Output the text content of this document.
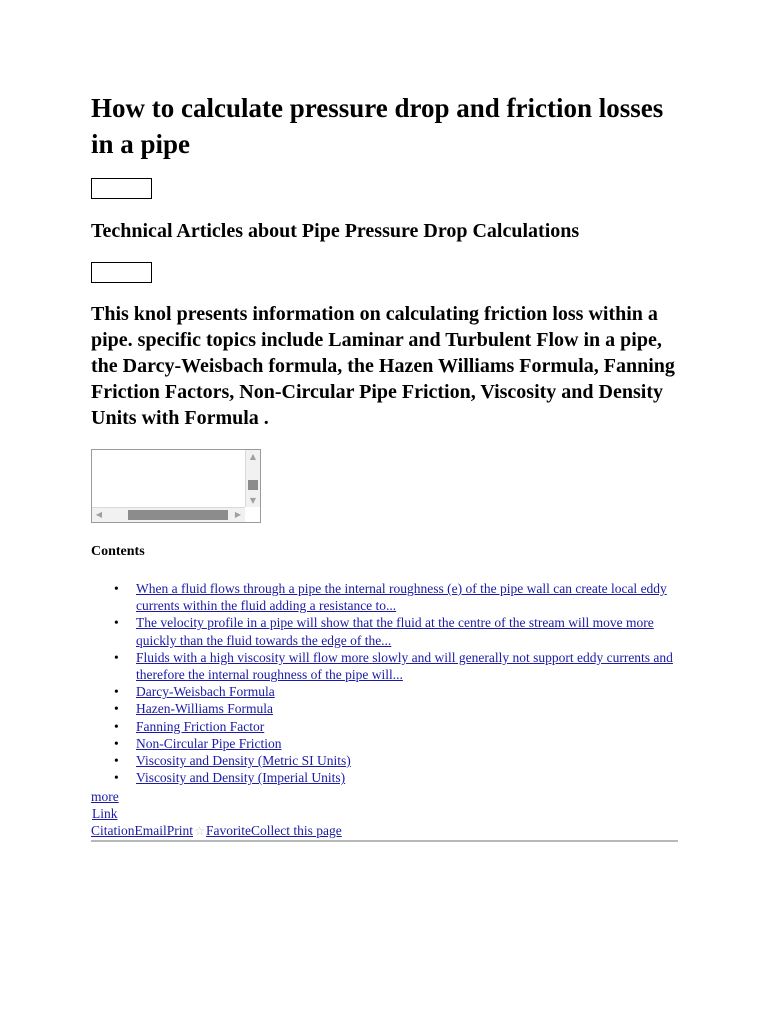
How to calculate pressure drop and friction losses in a pipe
Technical Articles about Pipe Pressure Drop Calculations

This knol presents information on calculating friction loss within a pipe. specific topics include Laminar and Turbulent Flow in a pipe, the Darcy-Weisbach formula, the Hazen Williams Formula, Fanning Friction Factors, Non-Circular Pipe Friction, Viscosity and Density Units with Formula .

▲
▼
◀	▶
Contents
• When a fluid flows through a pipe the internal roughness (e) of the pipe wall can create local eddy currents within the fluid adding a resistance to...
• The velocity profile in a pipe will show that the fluid at the centre of the stream will move more quickly than the fluid towards the edge of the...
• Fluids with a high viscosity will flow more slowly and will generally not support eddy currents and therefore the internal roughness of the pipe will...
• Darcy-Weisbach Formula
• Hazen-Williams Formula
• Fanning Friction Factor
• Non-Circular Pipe Friction
• Viscosity and Density (Metric SI Units)
• Viscosity and Density (Imperial Units)
more
Link
CitationEmailPrint☆FavoriteCollect this page
